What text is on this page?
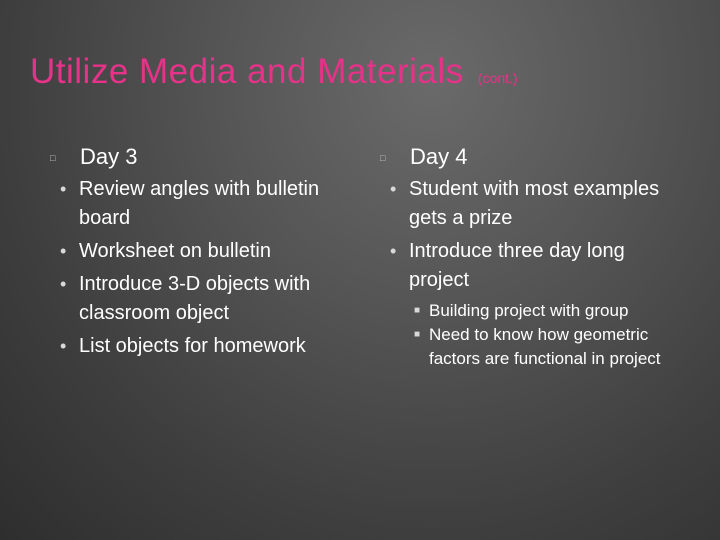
Utilize Media and Materials (cont.)
□ Day 3
• Review angles with bulletin board
• Worksheet on bulletin
• Introduce 3-D objects with classroom object
• List objects for homework
□ Day 4
• Student with most examples gets a prize
• Introduce three day long project
■ Building project with group
■ Need to know how geometric factors are functional in project
